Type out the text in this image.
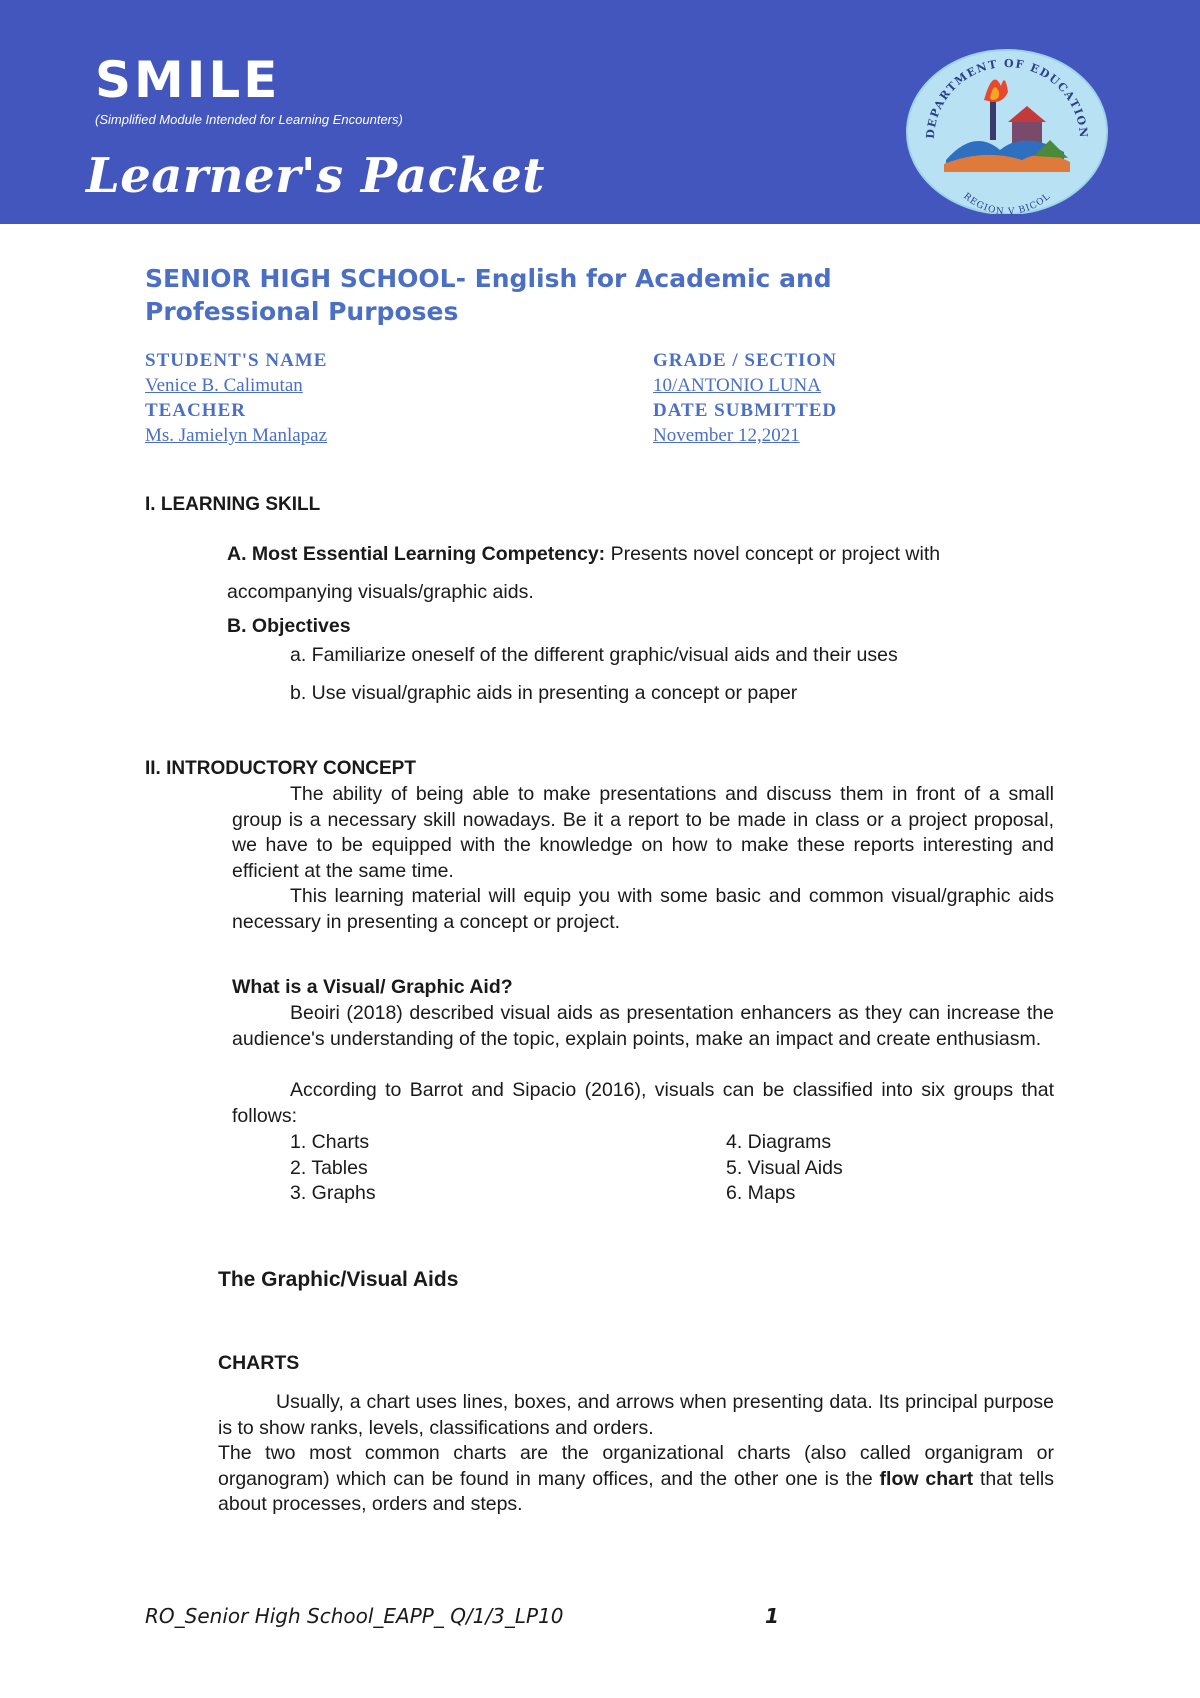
SMILE
(Simplified Module Intended for Learning Encounters)
Learner's Packet
DEPARTMENT OF EDUCATION
REGION V BICOL
SENIOR HIGH SCHOOL- English for Academic and Professional Purposes
STUDENT'S NAME
Venice B. Calimutan
TEACHER
Ms. Jamielyn Manlapaz
GRADE / SECTION
10/ANTONIO LUNA
DATE SUBMITTED
November 12,2021
I. LEARNING SKILL
A. Most Essential Learning Competency: Presents novel concept or project with accompanying visuals/graphic aids.
B. Objectives
a. Familiarize oneself of the different graphic/visual aids and their uses
b. Use visual/graphic aids in presenting a concept or paper
II. INTRODUCTORY CONCEPT
The ability of being able to make presentations and discuss them in front of a small group is a necessary skill nowadays. Be it a report to be made in class or a project proposal, we have to be equipped with the knowledge on how to make these reports interesting and efficient at the same time.
This learning material will equip you with some basic and common visual/graphic aids necessary in presenting a concept or project.
What is a Visual/ Graphic Aid?
Beoiri (2018) described visual aids as presentation enhancers as they can increase the audience's understanding of the topic, explain points, make an impact and create enthusiasm.
According to Barrot and Sipacio (2016), visuals can be classified into six groups that follows:
1. Charts
2. Tables
3. Graphs
4. Diagrams
5. Visual Aids
6. Maps
The Graphic/Visual Aids
CHARTS
Usually, a chart uses lines, boxes, and arrows when presenting data. Its principal purpose is to show ranks, levels, classifications and orders.
The two most common charts are the organizational charts (also called organigram or organogram) which can be found in many offices, and the other one is the flow chart that tells about processes, orders and steps.
RO_Senior High School_EAPP_ Q/1/3_LP10	1
